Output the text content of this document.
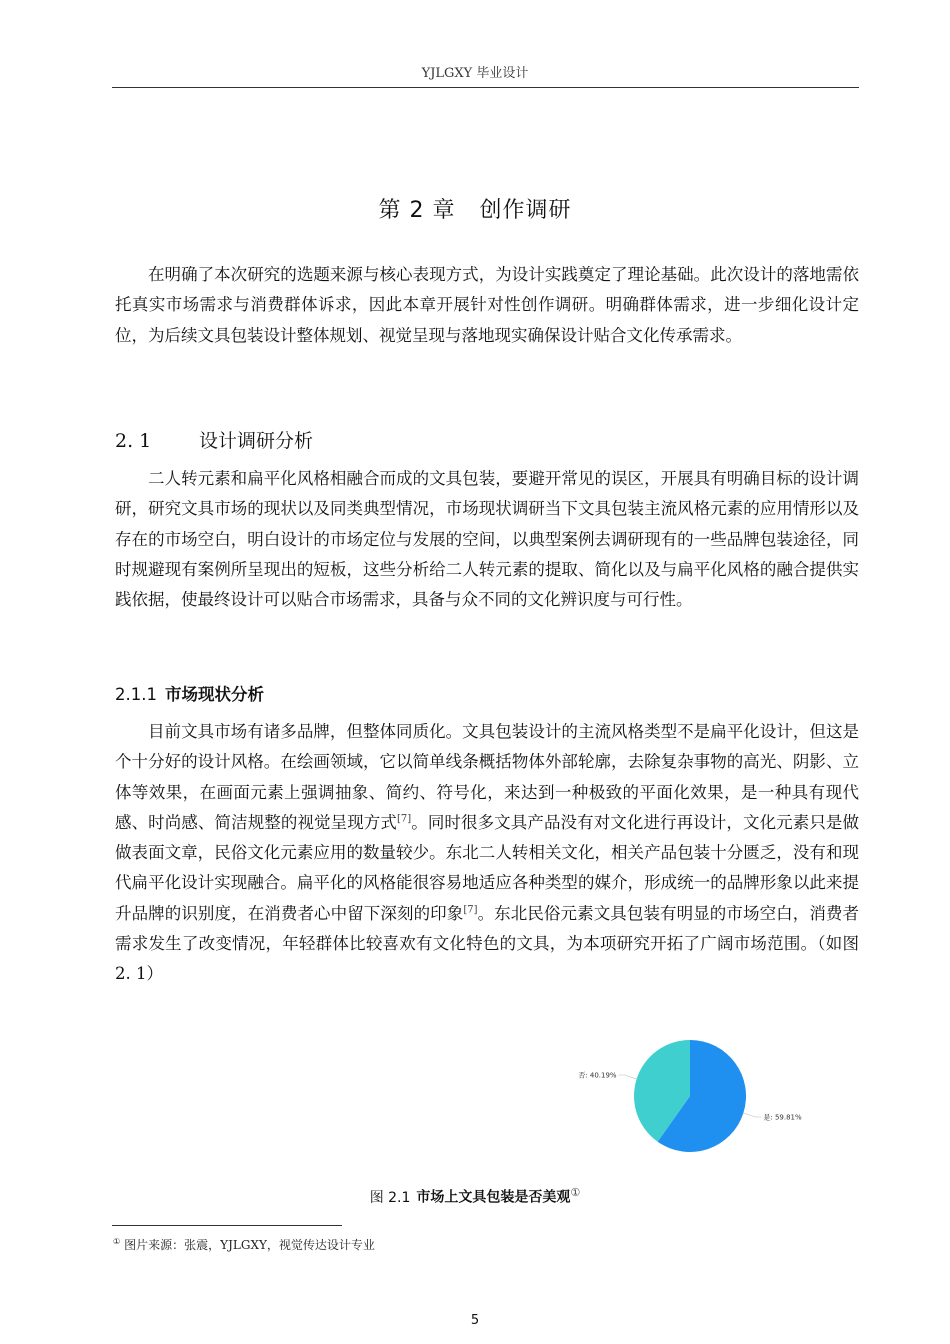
YJLGXY 毕业设计
第 2 章   创作调研

在明确了本次研究的选题来源与核心表现方式，为设计实践奠定了理论基础。此次设计的落地需依托真实市场需求与消费群体诉求，因此本章开展针对性创作调研。明确群体需求，进一步细化设计定位，为后续文具包装设计整体规划、视觉呈现与落地现实确保设计贴合文化传承需求。

2. 1	设计调研分析

二人转元素和扁平化风格相融合而成的文具包装，要避开常见的误区，开展具有明确目标的设计调研，研究文具市场的现状以及同类典型情况，市场现状调研当下文具包装主流风格元素的应用情形以及存在的市场空白，明白设计的市场定位与发展的空间，以典型案例去调研现有的一些品牌包装途径，同时规避现有案例所呈现出的短板，这些分析给二人转元素的提取、简化以及与扁平化风格的融合提供实践依据，使最终设计可以贴合市场需求，具备与众不同的文化辨识度与可行性。

2.1.1 市场现状分析

目前文具市场有诸多品牌，但整体同质化。文具包装设计的主流风格类型不是扁平化设计，但这是个十分好的设计风格。在绘画领域，它以简单线条概括物体外部轮廓，去除复杂事物的高光、阴影、立体等效果，在画面元素上强调抽象、简约、符号化，来达到一种极致的平面化效果，是一种具有现代感、时尚感、简洁规整的视觉呈现方式[7]。同时很多文具产品没有对文化进行再设计，文化元素只是做做表面文章，民俗文化元素应用的数量较少。东北二人转相关文化，相关产品包装十分匮乏，没有和现代扁平化设计实现融合。扁平化的风格能很容易地适应各种类型的媒介，形成统一的品牌形象以此来提升品牌的识别度，在消费者心中留下深刻的印象[7]。东北民俗元素文具包装有明显的市场空白，消费者需求发生了改变情况，年轻群体比较喜欢有文化特色的文具，为本项研究开拓了广阔市场范围。（如图 2. 1）

是: 59.81%
否: 40.19%
图 2.1 市场上文具包装是否美观①
① 图片来源：张震，YJLGXY，视觉传达设计专业
5
